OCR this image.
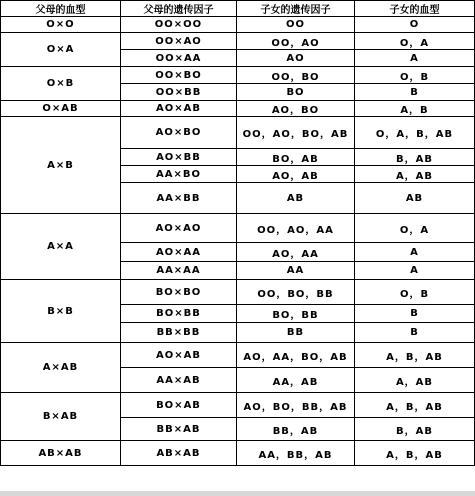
父母的血型	父母的遗传因子	子女的遗传因子	子女的血型
O×O	OO×OO	OO	O
O×A	OO×AO	OO，AO	O，A
	OO×AA	AO	A
O×B	OO×BO	OO，BO	O，B
	OO×BB	BO	B
O×AB	AO×AB	AO，BO	A，B
A×B	AO×BO	OO，AO，BO，AB	O，A，B，AB
	AO×BB	BO，AB	B，AB
	AA×BO	AO，AB	A，AB
	AA×BB	AB	AB
A×A	AO×AO	OO，AO，AA	O，A
	AO×AA	AO，AA	A
	AA×AA	AA	A
B×B	BO×BO	OO，BO，BB	O，B
	BO×BB	BO，BB	B
	BB×BB	BB	B
A×AB	AO×AB	AO，AA，BO，AB	A，B，AB
	AA×AB	AA，AB	A，AB
B×AB	BO×AB	AO，BO，BB，AB	A，B，AB
	BB×AB	BB，AB	B，AB
AB×AB	AB×AB	AA，BB，AB	A，B，AB
